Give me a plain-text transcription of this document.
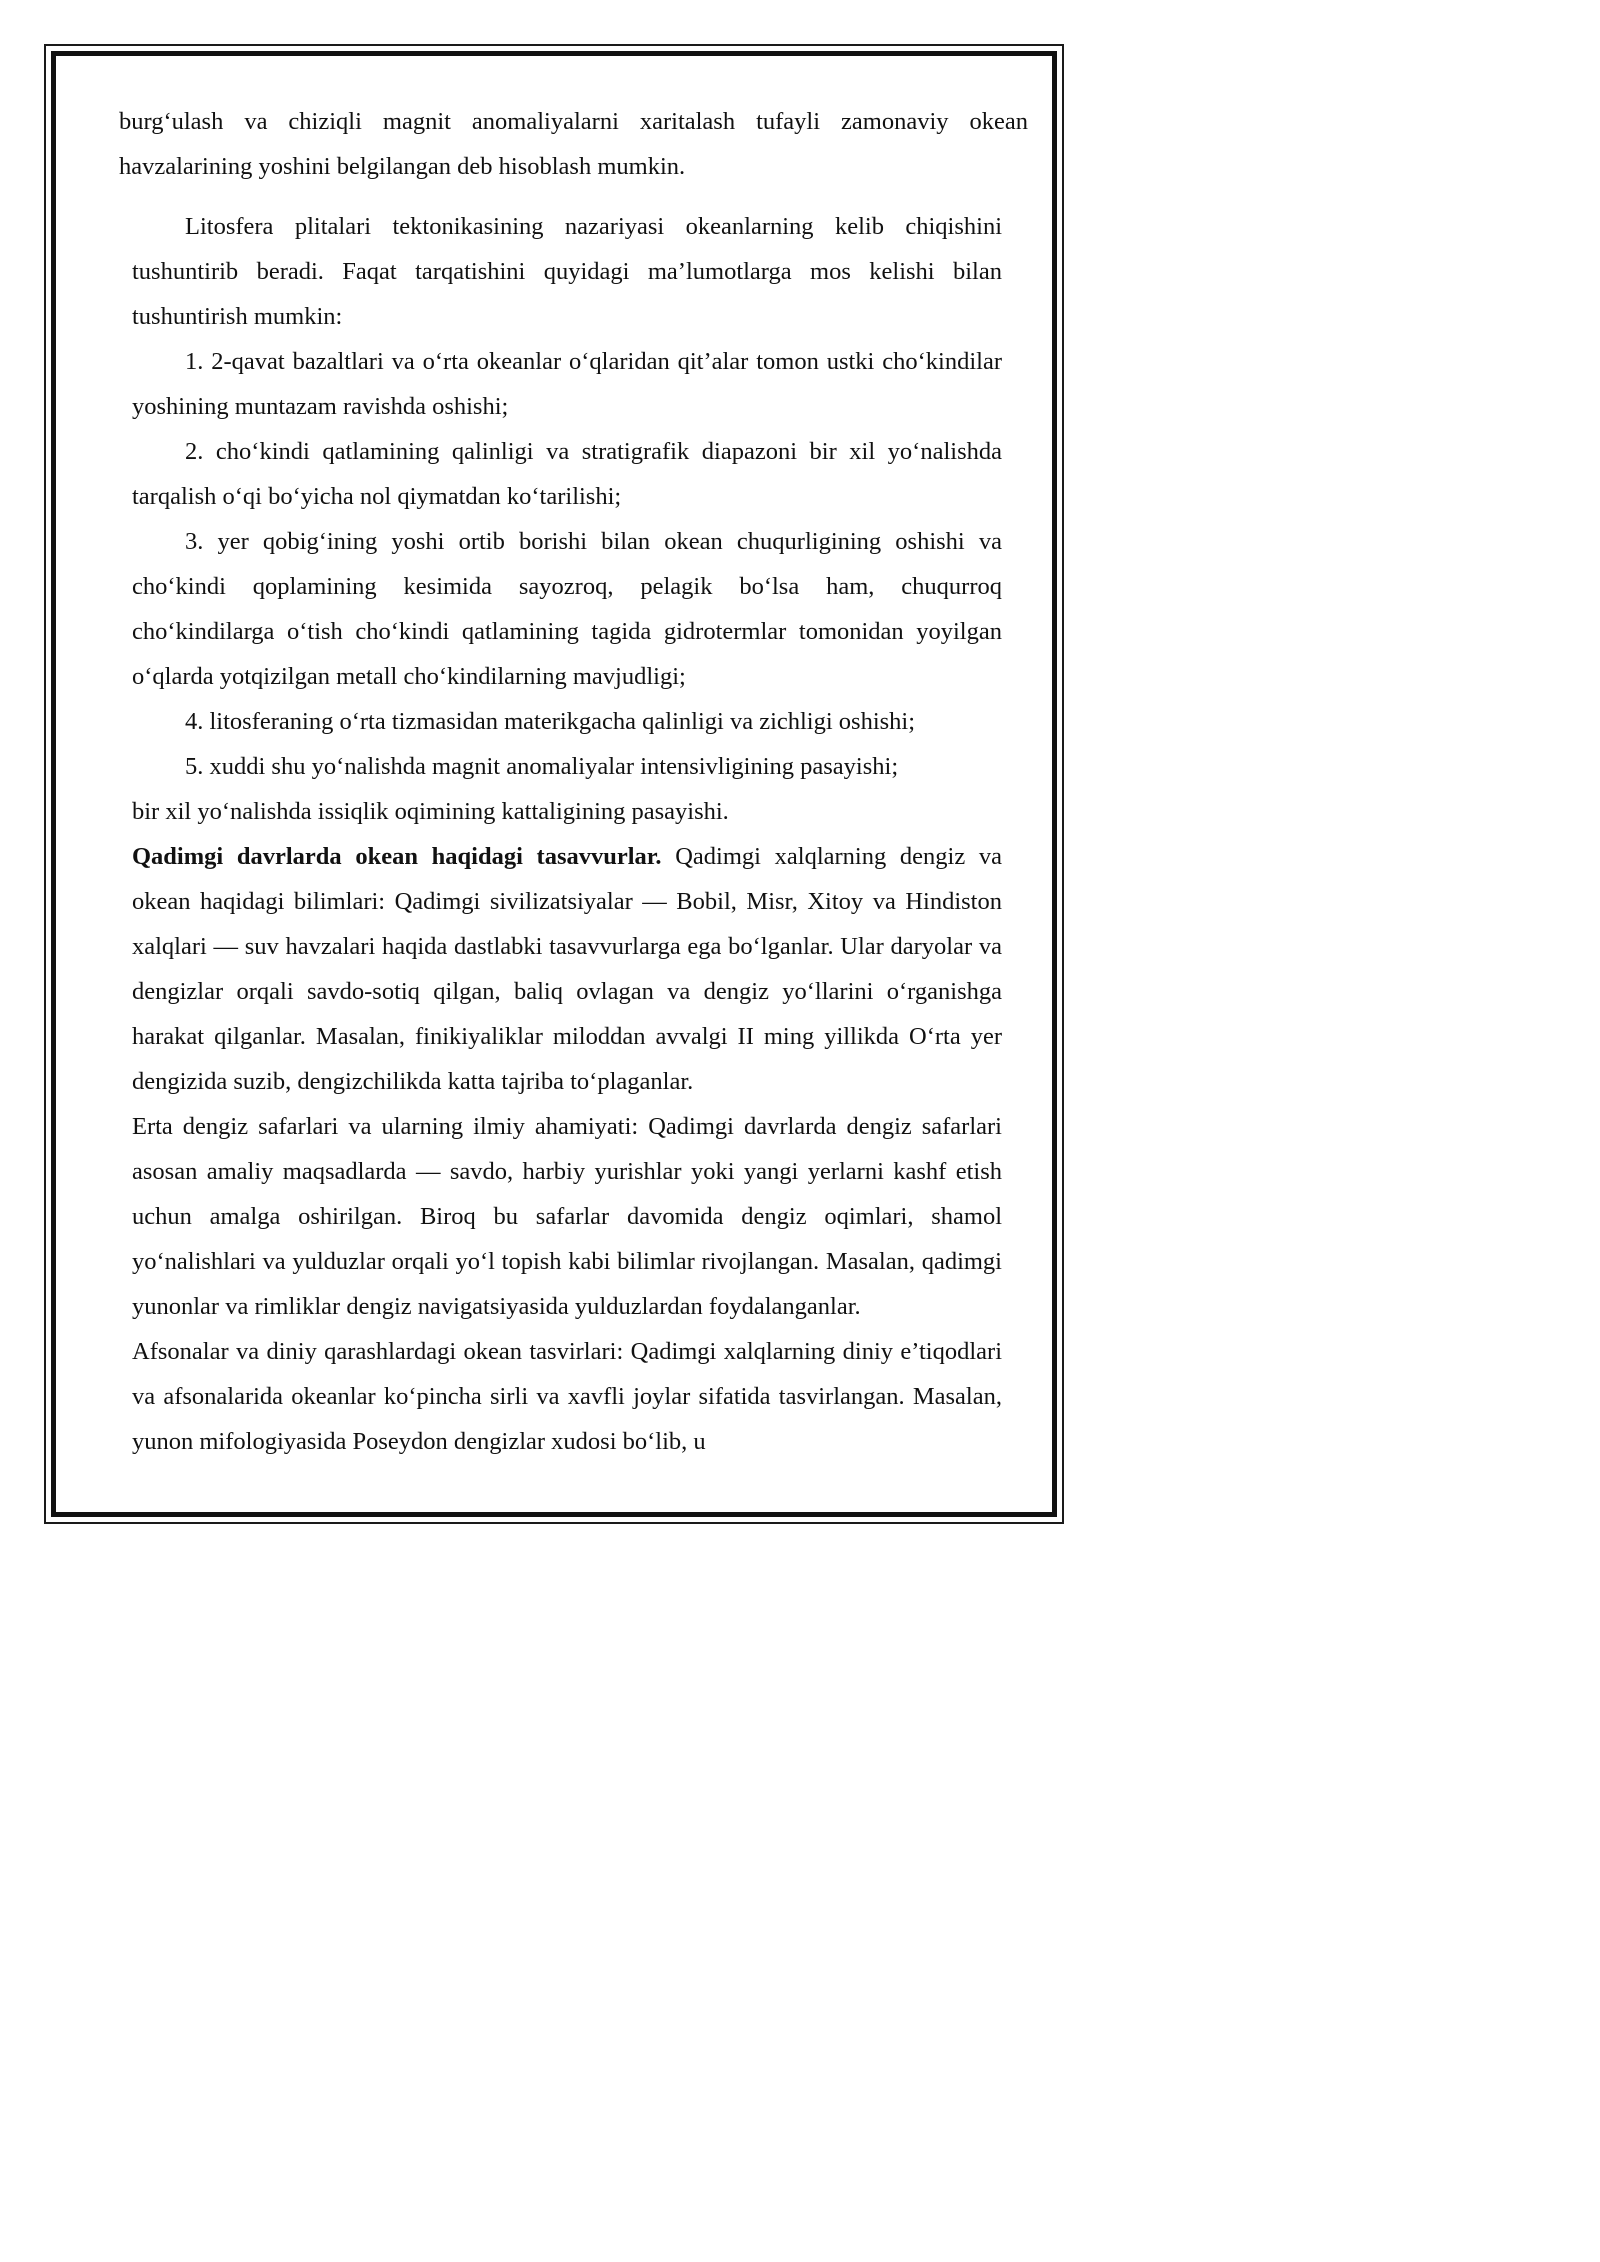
burg‘ulash va chiziqli magnit anomaliyalarni xaritalash tufayli zamonaviy okean havzalarining yoshini belgilangan deb hisoblash mumkin.

Litosfera plitalari tektonikasining nazariyasi okeanlarning kelib chiqishini tushuntirib beradi. Faqat tarqatishini quyidagi ma’lumotlarga mos kelishi bilan tushuntirish mumkin:

1. 2-qavat bazaltlari va o‘rta okeanlar o‘qlaridan qit’alar tomon ustki cho‘kindilar yoshining muntazam ravishda oshishi;

2. cho‘kindi qatlamining qalinligi va stratigrafik diapazoni bir xil yo‘nalishda tarqalish o‘qi bo‘yicha nol qiymatdan ko‘tarilishi;

3. yer qobig‘ining yoshi ortib borishi bilan okean chuqurligining oshishi va cho‘kindi qoplamining kesimida sayozroq, pelagik bo‘lsa ham, chuqurroq cho‘kindilarga o‘tish cho‘kindi qatlamining tagida gidrotermlar tomonidan yoyilgan o‘qlarda yotqizilgan metall cho‘kindilarning mavjudligi;

4. litosferaning o‘rta tizmasidan materikgacha qalinligi va zichligi oshishi;

5. xuddi shu yo‘nalishda magnit anomaliyalar intensivligining pasayishi;

bir xil yo‘nalishda issiqlik oqimining kattaligining pasayishi.

Qadimgi davrlarda okean haqidagi tasavvurlar. Qadimgi xalqlarning dengiz va okean haqidagi bilimlari: Qadimgi sivilizatsiyalar — Bobil, Misr, Xitoy va Hindiston xalqlari — suv havzalari haqida dastlabki tasavvurlarga ega bo‘lganlar. Ular daryolar va dengizlar orqali savdo-sotiq qilgan, baliq ovlagan va dengiz yo‘llarini o‘rganishga harakat qilganlar. Masalan, finikiyaliklar miloddan avvalgi II ming yillikda O‘rta yer dengizida suzib, dengizchilikda katta tajriba to‘plaganlar.

Erta dengiz safarlari va ularning ilmiy ahamiyati: Qadimgi davrlarda dengiz safarlari asosan amaliy maqsadlarda — savdo, harbiy yurishlar yoki yangi yerlarni kashf etish uchun amalga oshirilgan. Biroq bu safarlar davomida dengiz oqimlari, shamol yo‘nalishlari va yulduzlar orqali yo‘l topish kabi bilimlar rivojlangan. Masalan, qadimgi yunonlar va rimliklar dengiz navigatsiyasida yulduzlardan foydalanganlar.

Afsonalar va diniy qarashlardagi okean tasvirlari: Qadimgi xalqlarning diniy e’tiqodlari va afsonalarida okeanlar ko‘pincha sirli va xavfli joylar sifatida tasvirlangan. Masalan, yunon mifologiyasida Poseydon dengizlar xudosi bo‘lib, u
